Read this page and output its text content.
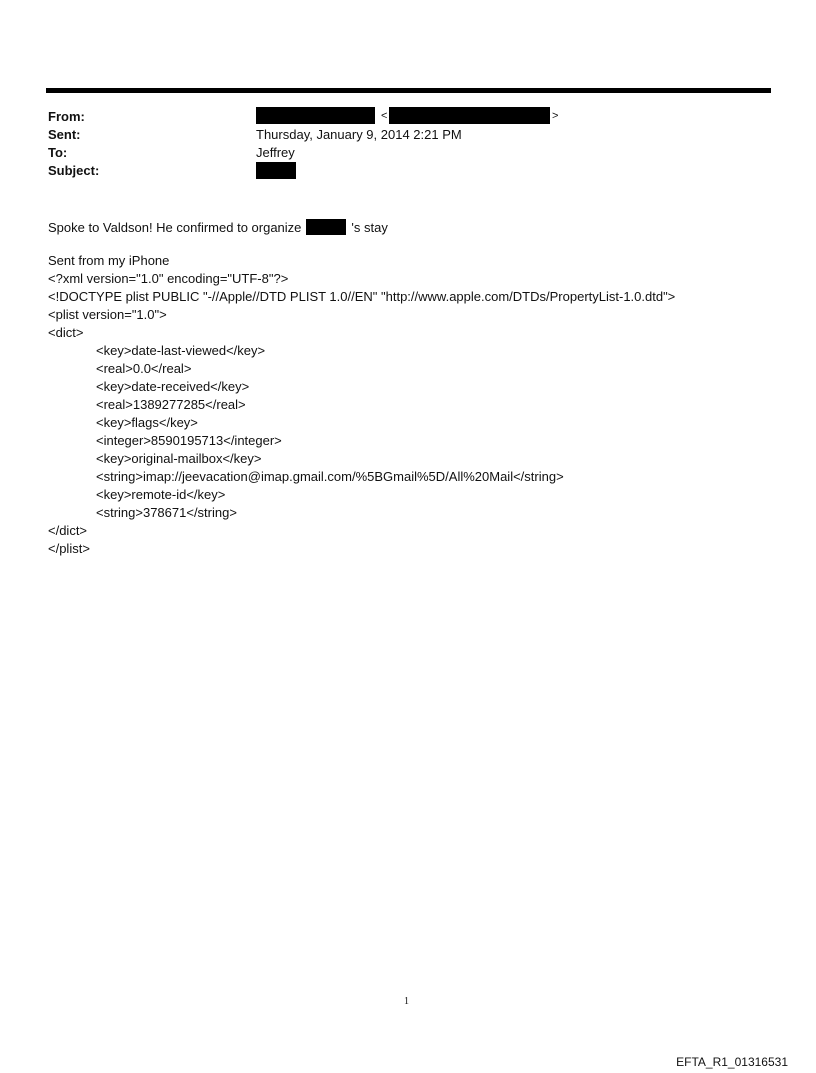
From:
Sent:
To:
Subject:
<	>
Thursday, January 9, 2014 2:21 PM
Jeffrey
Spoke to Valdson! He confirmed to organize	's stay
Sent from my iPhone
<?xml version="1.0" encoding="UTF-8"?>
<!DOCTYPE plist PUBLIC "-//Apple//DTD PLIST 1.0//EN" "http://www.apple.com/DTDs/PropertyList-1.0.dtd">
<plist version="1.0">
<dict>
<key>date-last-viewed</key>
<real>0.0</real>
<key>date-received</key>
<real>1389277285</real>
<key>flags</key>
<integer>8590195713</integer>
<key>original-mailbox</key>
<string>imap://jeevacation@imap.gmail.com/%5BGmail%5D/All%20Mail</string>
<key>remote-id</key>
<string>378671</string>
</dict>
</plist>
1
EFTA_R1_01316531
